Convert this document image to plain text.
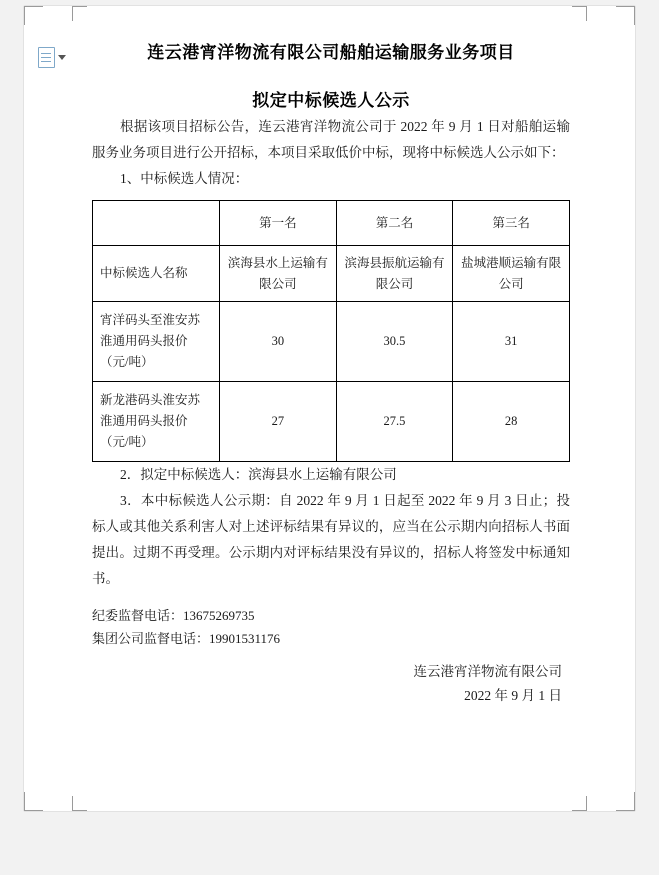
连云港宵洋物流有限公司船舶运输服务业务项目
拟定中标候选人公示

根据该项目招标公告，连云港宵洋物流公司于 2022 年 9 月 1 日对船舶运输服务业务项目进行公开招标，本项目采取低价中标，现将中标候选人公示如下：

1、中标候选人情况：

	第一名	第二名	第三名
中标候选人名称	滨海县水上运输有限公司	滨海县振航运输有限公司	盐城港顺运输有限公司
宵洋码头至淮安苏淮通用码头报价（元/吨）	30	30.5	31
新龙港码头淮安苏淮通用码头报价（元/吨）	27	27.5	28

2．拟定中标候选人：滨海县水上运输有限公司

3．本中标候选人公示期：自 2022 年 9 月 1 日起至 2022 年 9 月 3 日止；投标人或其他关系利害人对上述评标结果有异议的，应当在公示期内向招标人书面提出。过期不再受理。公示期内对评标结果没有异议的，招标人将签发中标通知书。

纪委监督电话：13675269735
集团公司监督电话：19901531176
连云港宵洋物流有限公司
2022 年 9 月 1 日
